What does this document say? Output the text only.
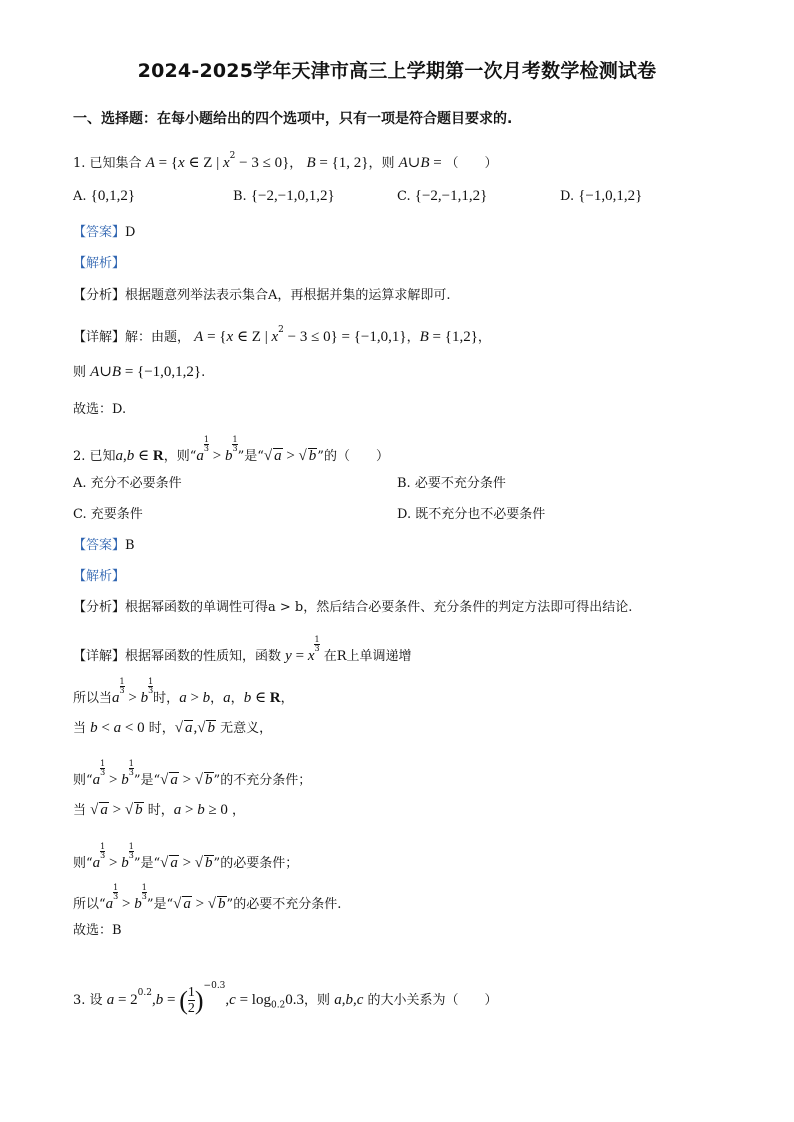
2024-2025学年天津市高三上学期第一次月考数学检测试卷
一、选择题：在每小题给出的四个选项中，只有一项是符合题目要求的.
1. 已知集合 A = {x ∈ Z | $x^2 - 3 \le 0$}， B = {1, 2}，则 A∪B = （　　）
A. {0,1,2}	B. {−2,−1,0,1,2}	C. {−2,−1,1,2}	D. {−1,0,1,2}
【答案】D
【解析】
【分析】根据题意列举法表示集合A，再根据并集的运算求解即可.
【详解】解：由题， A = {x ∈ Z | $x^2 - 3 \le 0\} = \{-1,0,1\}$，B = {1,2}，
则 A∪B = {−1,0,1,2}.
故选：D.
2. 已知a,b ∈ R，则“a
$^{\frac{1}{3}}$
> b
$^{\frac{1}{3}}$
”是“√ a > √ b”的（　　）
A. 充分不必要条件	B. 必要不充分条件
C. 充要条件	D. 既不充分也不必要条件
【答案】B
【解析】
【分析】根据幂函数的单调性可得a > b，然后结合必要条件、充分条件的判定方法即可得出结论.
【详解】根据幂函数的性质知，函数 y = x
$^{\frac{1}{3}}$
在R上单调递增
所以当a
$^{\frac{1}{3}}$
> b
$^{\frac{1}{3}}$
时，a > b，a，b ∈ R，
当 b < a < 0 时，√ a,√ b 无意义，
则“a
$^{\frac{1}{3}}$
> b
$^{\frac{1}{3}}$
”是“√ a > √ b”的不充分条件；
当 √ a > √ b 时，a > b ≥ 0 ，
则“a
$^{\frac{1}{3}}$
> b
$^{\frac{1}{3}}$
”是“√ a > √ b”的必要条件；
所以“a
$^{\frac{1}{3}}$
> b
$^{\frac{1}{3}}$
”是“√ a > √ b”的必要不充分条件.
故选：B
3. 设 $a = 2^{0.2},b$ = ( $\frac{1}{2} )^{-0.3},c = \log_{0.2}0.3$，则 a,b,c 的大小关系为（　　）
